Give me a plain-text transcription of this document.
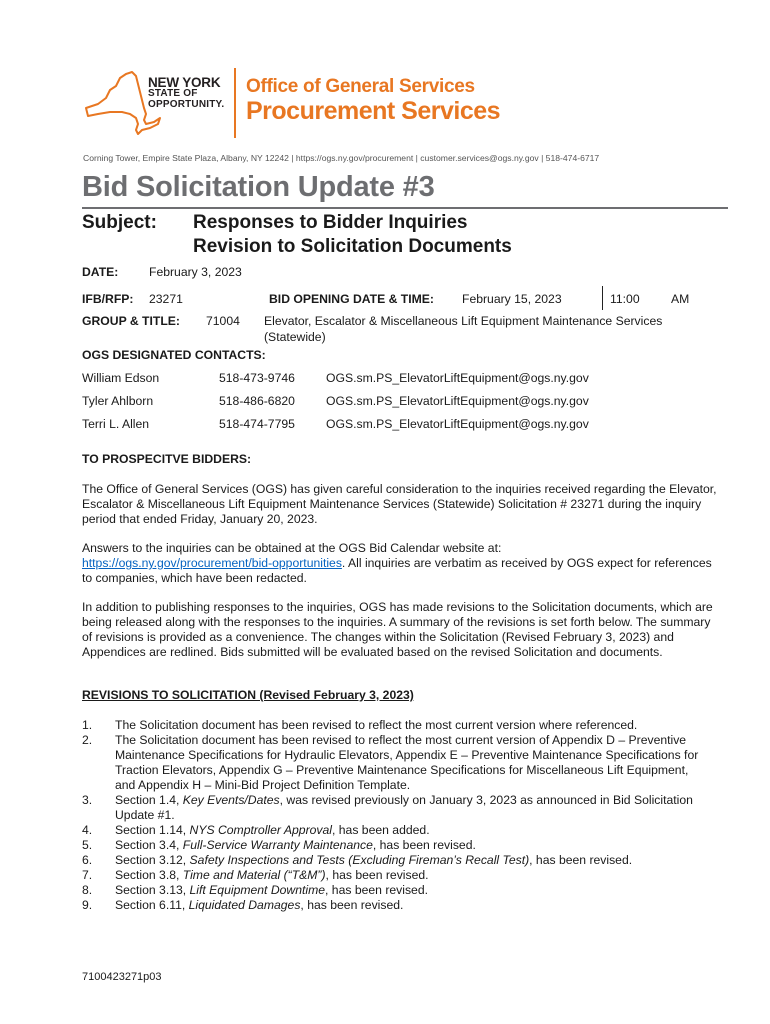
NEW YORK
STATE OF
OPPORTUNITY.
Office of General Services
Procurement Services
Corning Tower, Empire State Plaza, Albany, NY 12242 | https://ogs.ny.gov/procurement | customer.services@ogs.ny.gov | 518-474-6717
Bid Solicitation Update #3
Subject: Responses to Bidder Inquiries
Revision to Solicitation Documents
DATE:	February 3, 2023
IFB/RFP: 23271	BID OPENING DATE & TIME: February 15, 2023	11:00	AM
GROUP & TITLE: 71004 Elevator, Escalator & Miscellaneous Lift Equipment Maintenance Services
(Statewide)
OGS DESIGNATED CONTACTS:
William Edson	518-473-9746	OGS.sm.PS_ElevatorLiftEquipment@ogs.ny.gov
Tyler Ahlborn	518-486-6820	OGS.sm.PS_ElevatorLiftEquipment@ogs.ny.gov
Terri L. Allen	518-474-7795	OGS.sm.PS_ElevatorLiftEquipment@ogs.ny.gov
TO PROSPECITVE BIDDERS:
The Office of General Services (OGS) has given careful consideration to the inquiries received regarding the Elevator, Escalator & Miscellaneous Lift Equipment Maintenance Services (Statewide) Solicitation # 23271 during the inquiry period that ended Friday, January 20, 2023.
Answers to the inquiries can be obtained at the OGS Bid Calendar website at:
https://ogs.ny.gov/procurement/bid-opportunities. All inquiries are verbatim as received by OGS expect for references to companies, which have been redacted.
In addition to publishing responses to the inquiries, OGS has made revisions to the Solicitation documents, which are being released along with the responses to the inquiries. A summary of the revisions is set forth below. The summary of revisions is provided as a convenience. The changes within the Solicitation (Revised February 3, 2023) and Appendices are redlined. Bids submitted will be evaluated based on the revised Solicitation and documents.
REVISIONS TO SOLICITATION (Revised February 3, 2023)
1.	The Solicitation document has been revised to reflect the most current version where referenced.
2.	The Solicitation document has been revised to reflect the most current version of Appendix D – Preventive Maintenance Specifications for Hydraulic Elevators, Appendix E – Preventive Maintenance Specifications for Traction Elevators, Appendix G – Preventive Maintenance Specifications for Miscellaneous Lift Equipment, and Appendix H – Mini-Bid Project Definition Template.
3.	Section 1.4, Key Events/Dates, was revised previously on January 3, 2023 as announced in Bid Solicitation Update #1.
4.	Section 1.14, NYS Comptroller Approval, has been added.
5.	Section 3.4, Full-Service Warranty Maintenance, has been revised.
6.	Section 3.12, Safety Inspections and Tests (Excluding Fireman’s Recall Test), has been revised.
7.	Section 3.8, Time and Material (“T&M”), has been revised.
8.	Section 3.13, Lift Equipment Downtime, has been revised.
9.	Section 6.11, Liquidated Damages, has been revised.
7100423271p03
